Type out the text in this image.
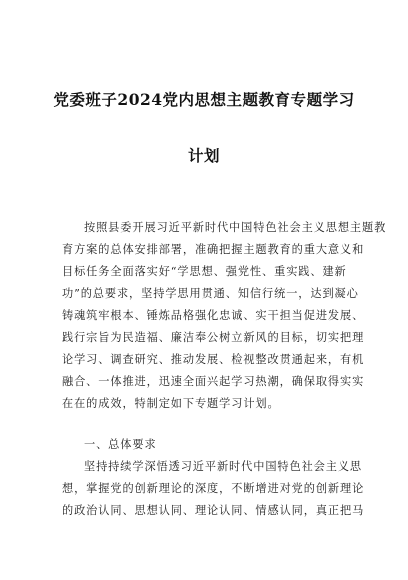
党委班子2024党内思想主题教育专题学习
计划
按照县委开展习近平新时代中国特色社会主义思想主题教
育方案的总体安排部署，准确把握主题教育的重大意义和
目标任务全面落实好“学思想、强党性、重实践、建新
功”的总要求，坚持学思用贯通、知信行统一，达到凝心
铸魂筑牢根本、锤炼品格强化忠诚、实干担当促进发展、
践行宗旨为民造福、廉洁奉公树立新风的目标，切实把理
论学习、调查研究、推动发展、检视整改贯通起来，有机
融合、一体推进，迅速全面兴起学习热潮，确保取得实实
在在的成效，特制定如下专题学习计划。
一、总体要求
坚持持续学深悟透习近平新时代中国特色社会主义思
想，掌握党的创新理论的深度，不断增进对党的创新理论
的政治认同、思想认同、理论认同、情感认同，真正把马
